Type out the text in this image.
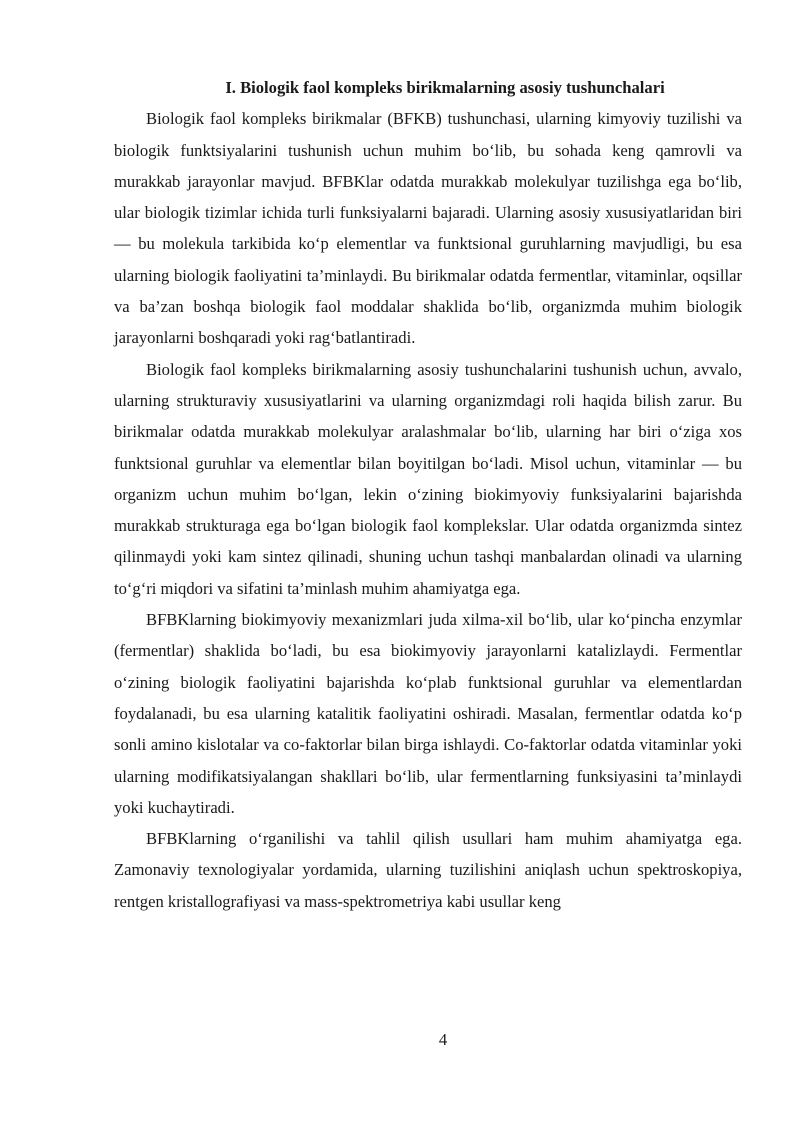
I. Biologik faol kompleks birikmalarning asosiy tushunchalari

Biologik faol kompleks birikmalar (BFKB) tushunchasi, ularning kimyoviy tuzilishi va biologik funktsiyalarini tushunish uchun muhim bo‘lib, bu sohada keng qamrovli va murakkab jarayonlar mavjud. BFBKlar odatda murakkab molekulyar tuzilishga ega bo‘lib, ular biologik tizimlar ichida turli funksiyalarni bajaradi. Ularning asosiy xususiyatlaridan biri — bu molekula tarkibida ko‘p elementlar va funktsional guruhlarning mavjudligi, bu esa ularning biologik faoliyatini ta’minlaydi. Bu birikmalar odatda fermentlar, vitaminlar, oqsillar va ba’zan boshqa biologik faol moddalar shaklida bo‘lib, organizmda muhim biologik jarayonlarni boshqaradi yoki rag‘batlantiradi.

Biologik faol kompleks birikmalarning asosiy tushunchalarini tushunish uchun, avvalo, ularning strukturaviy xususiyatlarini va ularning organizmdagi roli haqida bilish zarur. Bu birikmalar odatda murakkab molekulyar aralashmalar bo‘lib, ularning har biri o‘ziga xos funktsional guruhlar va elementlar bilan boyitilgan bo‘ladi. Misol uchun, vitaminlar — bu organizm uchun muhim bo‘lgan, lekin o‘zining biokimyoviy funksiyalarini bajarishda murakkab strukturaga ega bo‘lgan biologik faol komplekslar. Ular odatda organizmda sintez qilinmaydi yoki kam sintez qilinadi, shuning uchun tashqi manbalardan olinadi va ularning to‘g‘ri miqdori va sifatini ta’minlash muhim ahamiyatga ega.

BFBKlarning biokimyoviy mexanizmlari juda xilma-xil bo‘lib, ular ko‘pincha enzymlar (fermentlar) shaklida bo‘ladi, bu esa biokimyoviy jarayonlarni katalizlaydi. Fermentlar o‘zining biologik faoliyatini bajarishda ko‘plab funktsional guruhlar va elementlardan foydalanadi, bu esa ularning katalitik faoliyatini oshiradi. Masalan, fermentlar odatda ko‘p sonli amino kislotalar va co-faktorlar bilan birga ishlaydi. Co-faktorlar odatda vitaminlar yoki ularning modifikatsiyalangan shakllari bo‘lib, ular fermentlarning funksiyasini ta’minlaydi yoki kuchaytiradi.

BFBKlarning o‘rganilishi va tahlil qilish usullari ham muhim ahamiyatga ega. Zamonaviy texnologiyalar yordamida, ularning tuzilishini aniqlash uchun spektroskopiya, rentgen kristallografiyasi va mass-spektrometriya kabi usullar keng

4
